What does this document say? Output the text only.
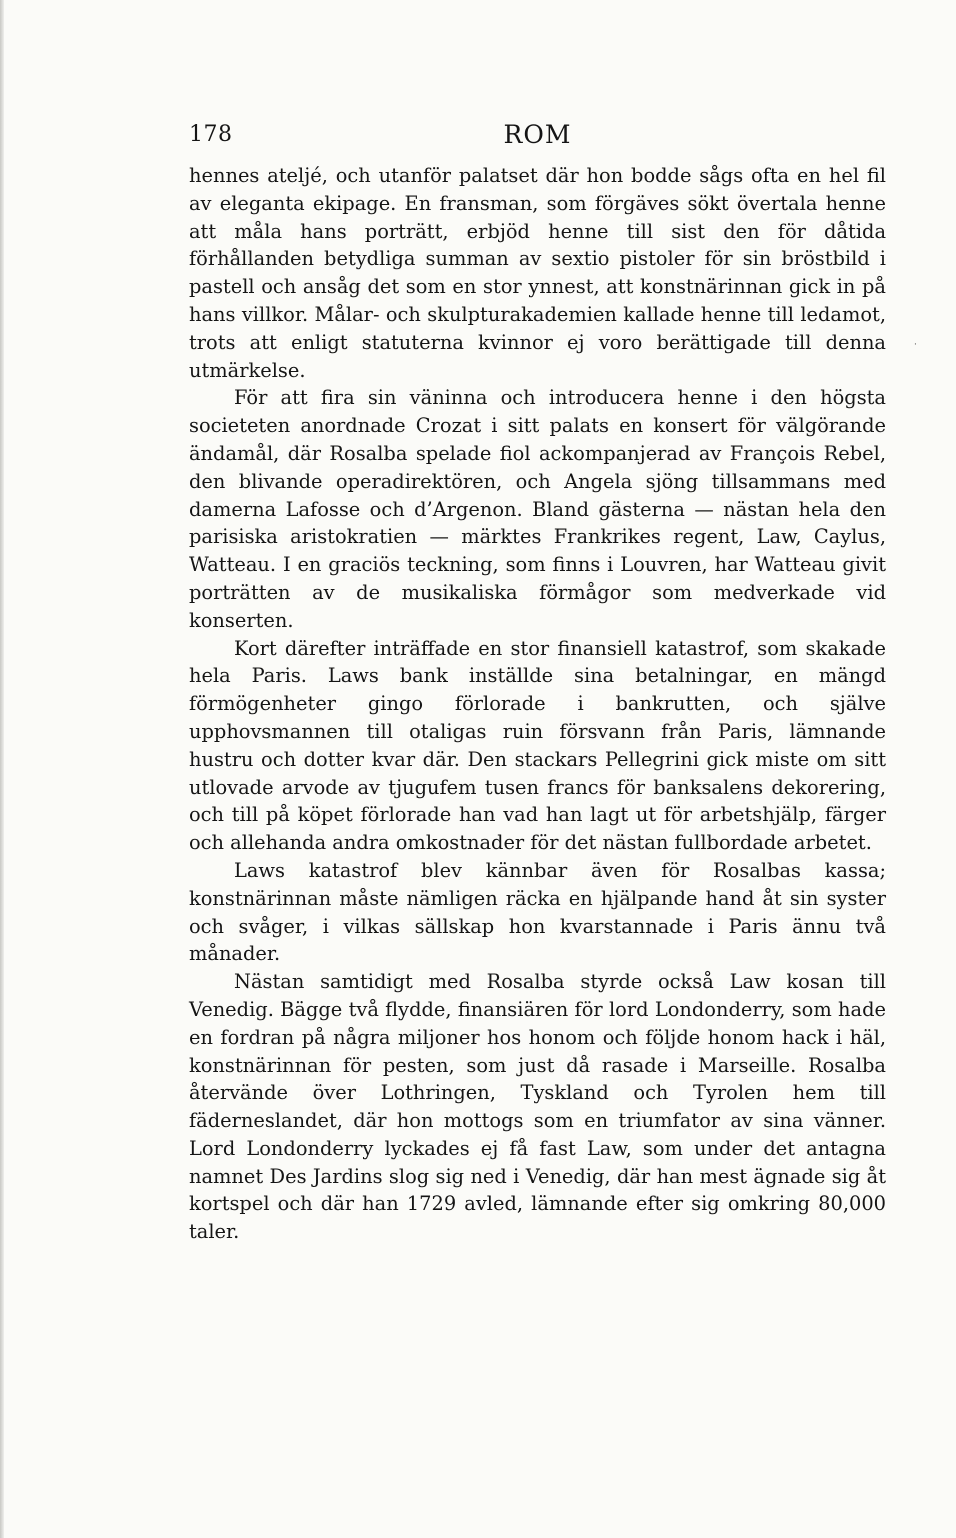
178	ROM

hennes ateljé, och utanför palatset där hon bodde sågs ofta en hel fil av eleganta ekipage. En fransman, som förgäves sökt övertala henne att måla hans porträtt, erbjöd henne till sist den för dåtida förhållanden betydliga summan av sextio pistoler för sin bröstbild i pastell och ansåg det som en stor ynnest, att konstnärinnan gick in på hans villkor. Målar- och skulpturakademien kallade henne till ledamot, trots att enligt statuterna kvinnor ej voro berättigade till denna utmärkelse.

För att fira sin väninna och introducera henne i den högsta societeten anordnade Crozat i sitt palats en konsert för välgörande ändamål, där Rosalba spelade fiol ackompanjerad av François Rebel, den blivande operadirektören, och Angela sjöng tillsammans med damerna Lafosse och d’Argenon. Bland gästerna — nästan hela den parisiska aristokratien — märktes Frankrikes regent, Law, Caylus, Watteau. I en graciös teckning, som finns i Louvren, har Watteau givit porträtten av de musikaliska förmågor som medverkade vid konserten.

Kort därefter inträffade en stor finansiell katastrof, som skakade hela Paris. Laws bank inställde sina betalningar, en mängd förmögenheter gingo förlorade i bankrutten, och själve upphovsmannen till otaligas ruin försvann från Paris, lämnande hustru och dotter kvar där. Den stackars Pellegrini gick miste om sitt utlovade arvode av tjugufem tusen francs för banksalens dekorering, och till på köpet förlorade han vad han lagt ut för arbetshjälp, färger och allehanda andra omkostnader för det nästan fullbordade arbetet.

Laws katastrof blev kännbar även för Rosalbas kassa; konstnärinnan måste nämligen räcka en hjälpande hand åt sin syster och svåger, i vilkas sällskap hon kvarstannade i Paris ännu två månader.

Nästan samtidigt med Rosalba styrde också Law kosan till Venedig. Bägge två flydde, finansiären för lord Londonderry, som hade en fordran på några miljoner hos honom och följde honom hack i häl, konstnärinnan för pesten, som just då rasade i Marseille. Rosalba återvände över Lothringen, Tyskland och Tyrolen hem till fäderneslandet, där hon mottogs som en triumfator av sina vänner. Lord Londonderry lyckades ej få fast Law, som under det antagna namnet Des Jardins slog sig ned i Venedig, där han mest ägnade sig åt kortspel och där han 1729 avled, lämnande efter sig omkring 80,000 taler.

·
